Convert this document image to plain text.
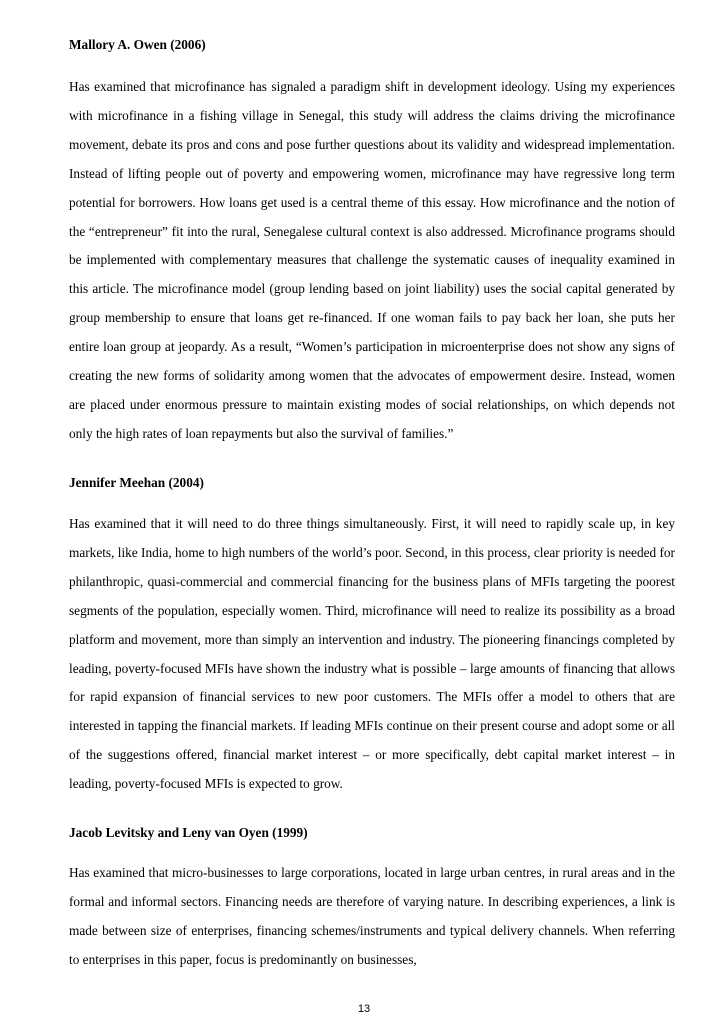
Mallory A. Owen (2006)

Has examined that microfinance has signaled a paradigm shift in development ideology. Using my experiences with microfinance in a fishing village in Senegal, this study will address the claims driving the microfinance movement, debate its pros and cons and pose further questions about its validity and widespread implementation. Instead of lifting people out of poverty and empowering women, microfinance may have regressive long term potential for borrowers. How loans get used is a central theme of this essay. How microfinance and the notion of the “entrepreneur” fit into the rural, Senegalese cultural context is also addressed. Microfinance programs should be implemented with complementary measures that challenge the systematic causes of inequality examined in this article. The microfinance model (group lending based on joint liability) uses the social capital generated by group membership to ensure that loans get re-financed. If one woman fails to pay back her loan, she puts her entire loan group at jeopardy. As a result, “Women’s participation in microenterprise does not show any signs of creating the new forms of solidarity among women that the advocates of empowerment desire. Instead, women are placed under enormous pressure to maintain existing modes of social relationships, on which depends not only the high rates of loan repayments but also the survival of families.”

Jennifer Meehan (2004)

Has examined that it will need to do three things simultaneously. First, it will need to rapidly scale up, in key markets, like India, home to high numbers of the world’s poor. Second, in this process, clear priority is needed for philanthropic, quasi-commercial and commercial financing for the business plans of MFIs targeting the poorest segments of the population, especially women. Third, microfinance will need to realize its possibility as a broad platform and movement, more than simply an intervention and industry. The pioneering financings completed by leading, poverty-focused MFIs have shown the industry what is possible – large amounts of financing that allows for rapid expansion of financial services to new poor customers. The MFIs offer a model to others that are interested in tapping the financial markets. If leading MFIs continue on their present course and adopt some or all of the suggestions offered, financial market interest – or more specifically, debt capital market interest – in leading, poverty-focused MFIs is expected to grow.

Jacob Levitsky and Leny van Oyen (1999)

Has examined that micro-businesses to large corporations, located in large urban centres, in rural areas and in the formal and informal sectors. Financing needs are therefore of varying nature. In describing experiences, a link is made between size of enterprises, financing schemes/instruments and typical delivery channels. When referring to enterprises in this paper, focus is predominantly on businesses,

13
